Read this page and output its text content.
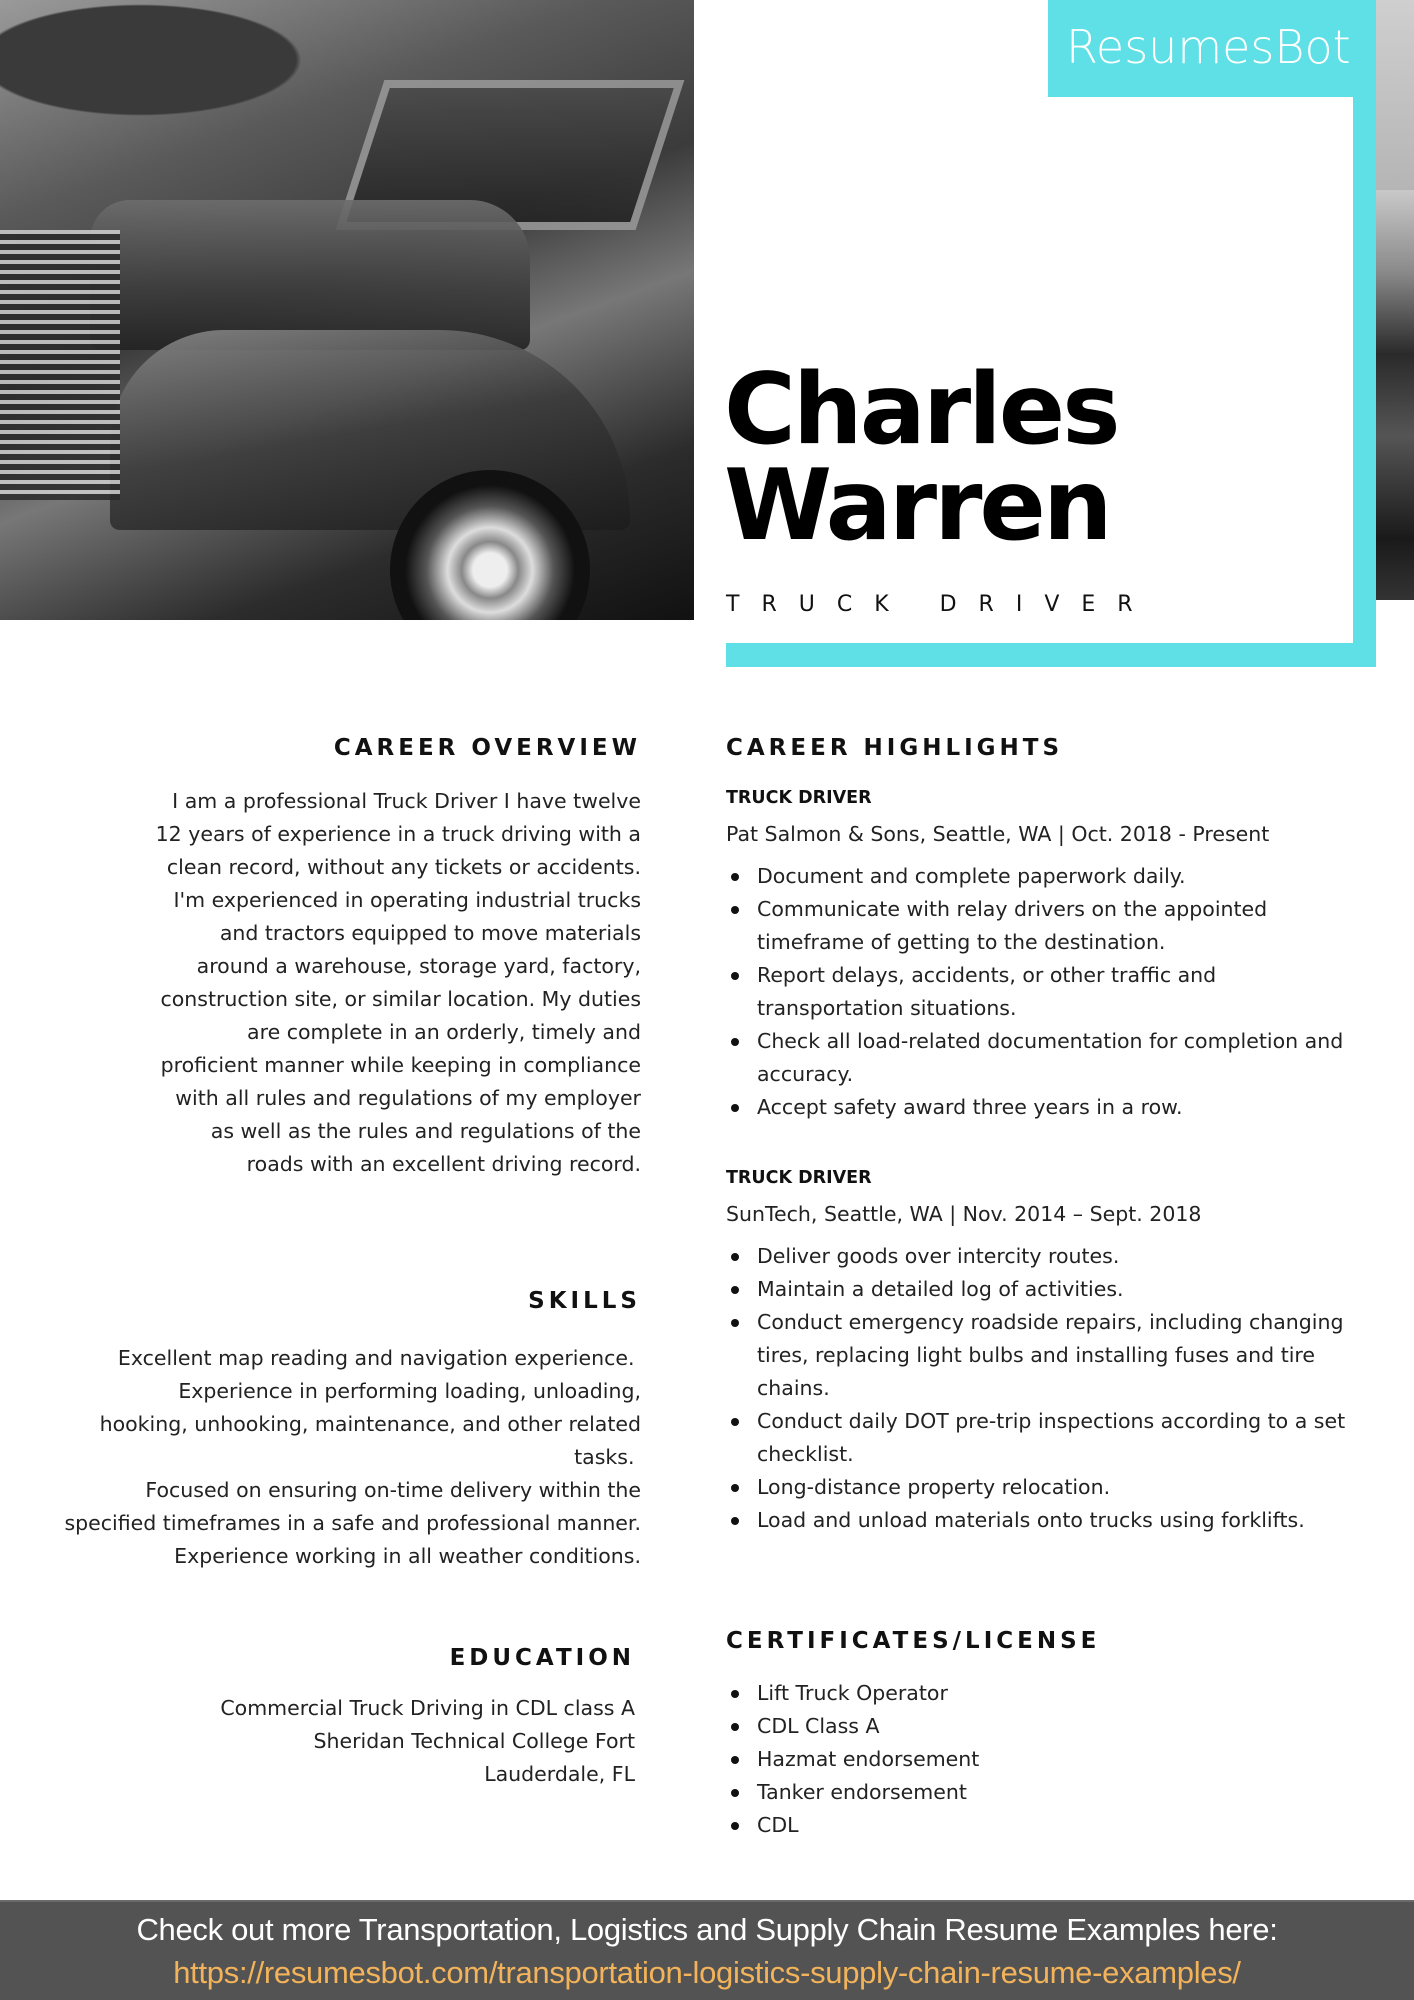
ResumesBot
Charles
Warren
TRUCK DRIVER
CAREER OVERVIEW
I am a professional Truck Driver I have twelve 12 years of experience in a truck driving with a clean record, without any tickets or accidents. I'm experienced in operating industrial trucks and tractors equipped to move materials around a warehouse, storage yard, factory, construction site, or similar location. My duties are complete in an orderly, timely and proficient manner while keeping in compliance with all rules and regulations of my employer as well as the rules and regulations of the roads with an excellent driving record.
SKILLS
Excellent map reading and navigation experience.
Experience in performing loading, unloading, hooking, unhooking, maintenance, and other related tasks.
Focused on ensuring on-time delivery within the specified timeframes in a safe and professional manner.
Experience working in all weather conditions.
EDUCATION
Commercial Truck Driving in CDL class A
Sheridan Technical College Fort
Lauderdale, FL
CAREER HIGHLIGHTS
TRUCK DRIVER
Pat Salmon & Sons, Seattle, WA | Oct. 2018 - Present
Document and complete paperwork daily.
Communicate with relay drivers on the appointed timeframe of getting to the destination.
Report delays, accidents, or other traffic and transportation situations.
Check all load-related documentation for completion and accuracy.
Accept safety award three years in a row.
TRUCK DRIVER
SunTech, Seattle, WA | Nov. 2014 – Sept. 2018
Deliver goods over intercity routes.
Maintain a detailed log of activities.
Conduct emergency roadside repairs, including changing tires, replacing light bulbs and installing fuses and tire chains.
Conduct daily DOT pre-trip inspections according to a set checklist.
Long-distance property relocation.
Load and unload materials onto trucks using forklifts.
CERTIFICATES/LICENSE
Lift Truck Operator
CDL Class A
Hazmat endorsement
Tanker endorsement
CDL
Check out more Transportation, Logistics and Supply Chain Resume Examples here:
https://resumesbot.com/transportation-logistics-supply-chain-resume-examples/
